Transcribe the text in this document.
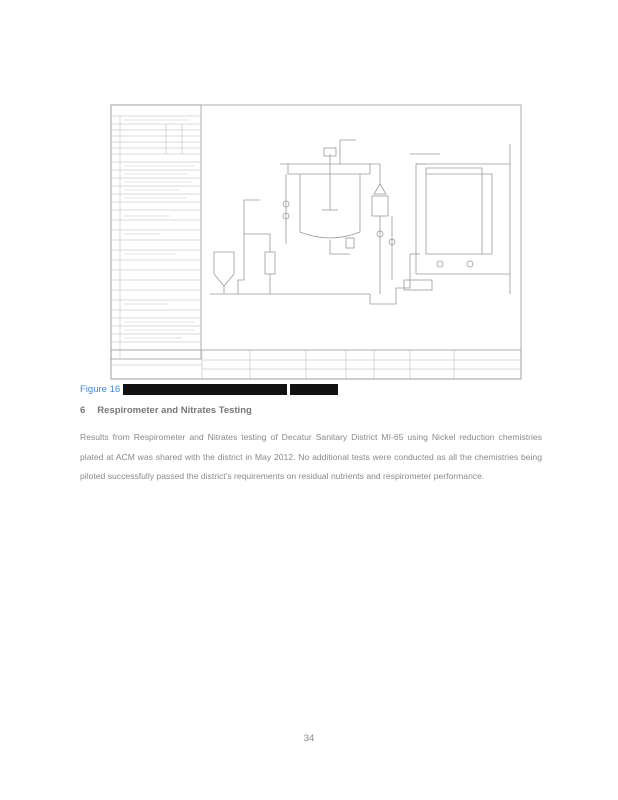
Figure 16
6 Respirometer and Nitrates Testing

Results from Respirometer and Nitrates testing of Decatur Sanitary District MI-65 using Nickel reduction chemistries plated at ACM was shared with the district in May 2012. No additional tests were conducted as all the chemistries being piloted successfully passed the district's requirements on residual nutrients and respirometer performance.

34
